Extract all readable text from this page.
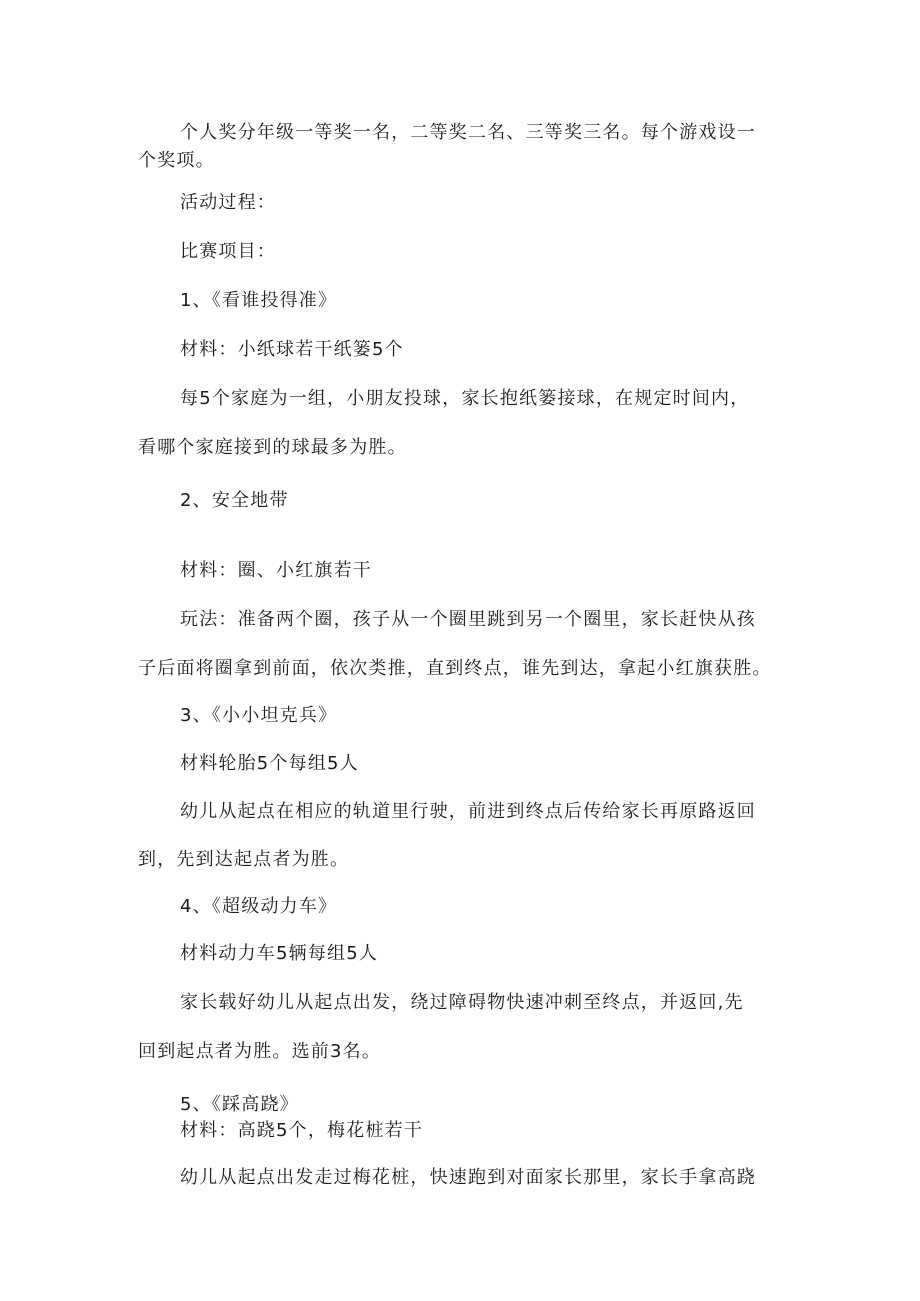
个人奖分年级一等奖一名，二等奖二名、三等奖三名。每个游戏设一
个奖项。
活动过程：
比赛项目：
1、《看谁投得准》
材料：小纸球若干纸篓5个
每5个家庭为一组，小朋友投球，家长抱纸篓接球，在规定时间内，
看哪个家庭接到的球最多为胜。
2、安全地带
材料：圈、小红旗若干
玩法：准备两个圈，孩子从一个圈里跳到另一个圈里，家长赶快从孩
子后面将圈拿到前面，依次类推，直到终点，谁先到达，拿起小红旗获胜。
3、《小小坦克兵》
材料轮胎5个每组5人
幼儿从起点在相应的轨道里行驶，前进到终点后传给家长再原路返回
到，先到达起点者为胜。
4、《超级动力车》
材料动力车5辆每组5人
家长载好幼儿从起点出发，绕过障碍物快速冲刺至终点，并返回,先
回到起点者为胜。选前3名。
5、《踩高跷》
材料：高跷5个，梅花桩若干
幼儿从起点出发走过梅花桩，快速跑到对面家长那里，家长手拿高跷
